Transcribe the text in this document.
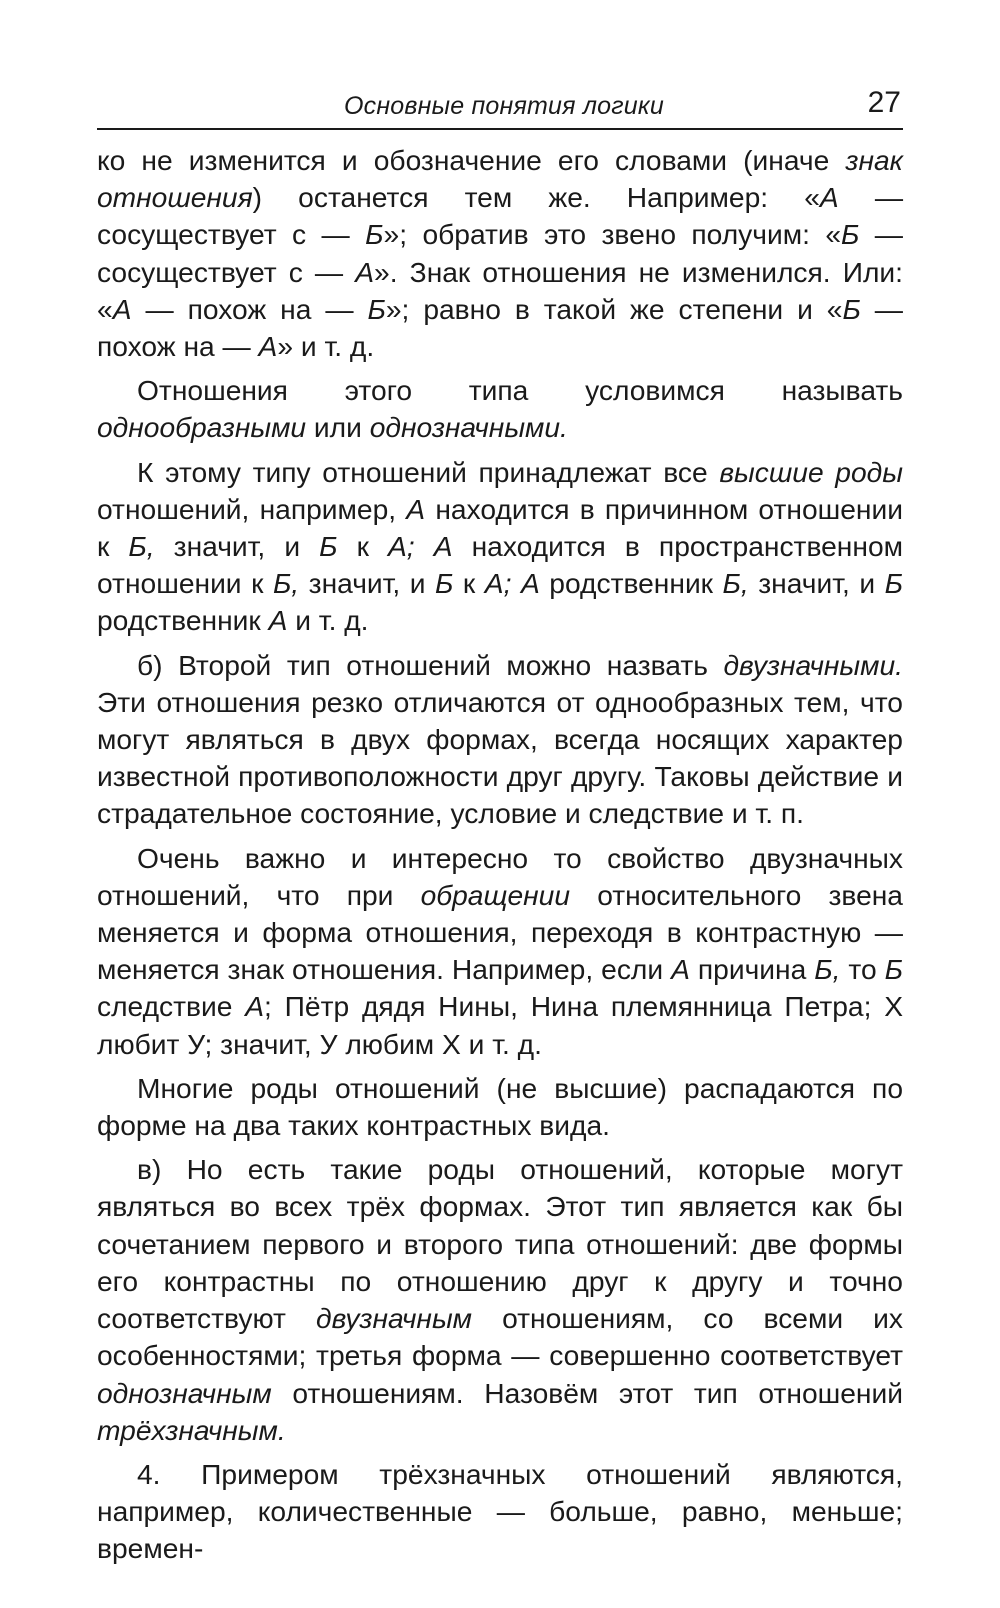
Основные понятия логики	27

ко не изменится и обозначение его словами (иначе знак отношения) останется тем же. Например: «А — сосуществует с — Б»; обратив это звено получим: «Б — сосуществует с — А». Знак отношения не изменился. Или: «А — похож на — Б»; равно в такой же степени и «Б — похож на — А» и т. д.

Отношения этого типа условимся называть однообразными или однозначными.

К этому типу отношений принадлежат все высшие роды отношений, например, А находится в причинном отношении к Б, значит, и Б к А; А находится в пространственном отношении к Б, значит, и Б к А; А родственник Б, значит, и Б родственник А и т. д.

б) Второй тип отношений можно назвать двузначными. Эти отношения резко отличаются от однообразных тем, что могут являться в двух формах, всегда носящих характер известной противоположности друг другу. Таковы действие и страдательное состояние, условие и следствие и т. п.

Очень важно и интересно то свойство двузначных отношений, что при обращении относительного звена меняется и форма отношения, переходя в контрастную — меняется знак отношения. Например, если А причина Б, то Б следствие А; Пётр дядя Нины, Нина племянница Петра; Х любит У; значит, У любим Х и т. д.

Многие роды отношений (не высшие) распадаются по форме на два таких контрастных вида.

в) Но есть такие роды отношений, которые могут являться во всех трёх формах. Этот тип является как бы сочетанием первого и второго типа отношений: две формы его контрастны по отношению друг к другу и точно соответствуют двузначным отношениям, со всеми их особенностями; третья форма — совершенно соответствует однозначным отношениям. Назовём этот тип отношений трёхзначным.

4. Примером трёхзначных отношений являются, например, количественные — больше, равно, меньше; времен-
